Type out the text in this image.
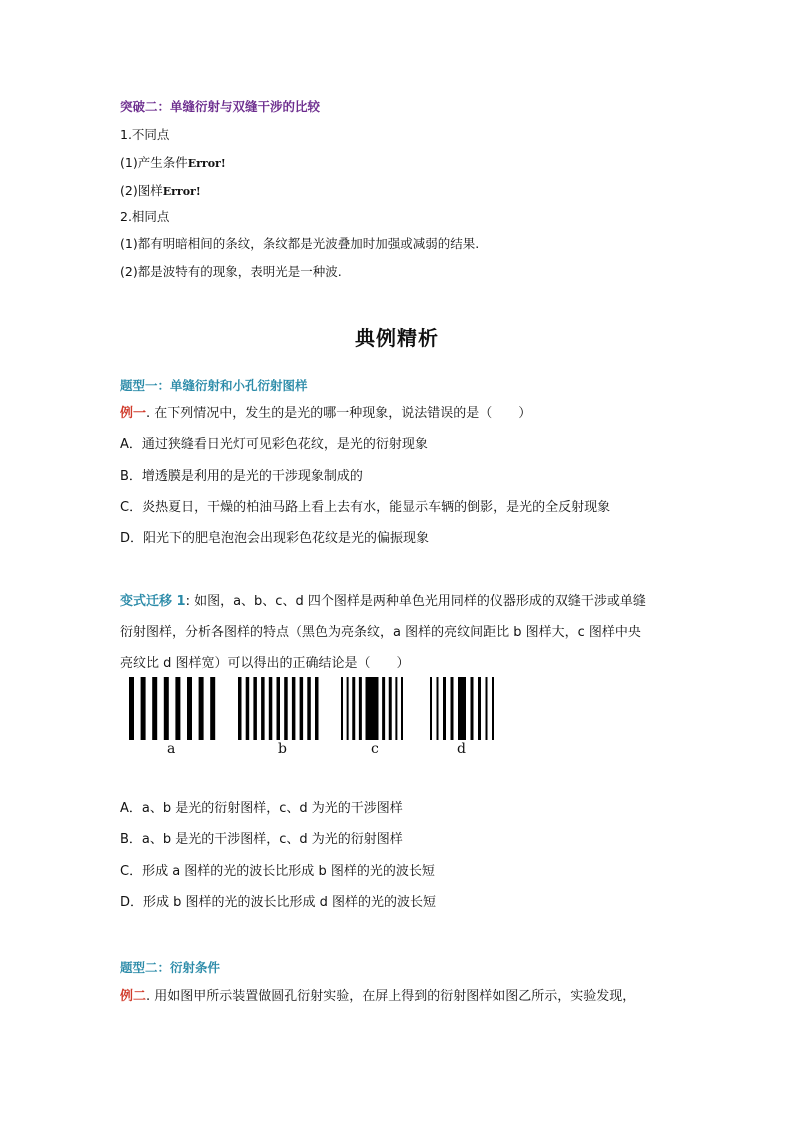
突破二：单缝衍射与双缝干涉的比较
1.不同点
(1)产生条件Error!
(2)图样Error!
2.相同点
(1)都有明暗相间的条纹，条纹都是光波叠加时加强或减弱的结果.
(2)都是波特有的现象，表明光是一种波.
典例精析
题型一：单缝衍射和小孔衍射图样
例一. 在下列情况中，发生的是光的哪一种现象，说法错误的是（　　）
A．通过狭缝看日光灯可见彩色花纹，是光的衍射现象
B．增透膜是利用的是光的干涉现象制成的
C．炎热夏日，干燥的柏油马路上看上去有水，能显示车辆的倒影，是光的全反射现象
D．阳光下的肥皂泡泡会出现彩色花纹是光的偏振现象
变式迁移 1: 如图，a、b、c、d 四个图样是两种单色光用同样的仪器形成的双缝干涉或单缝
衍射图样，分析各图样的特点（黑色为亮条纹，a 图样的亮纹间距比 b 图样大，c 图样中央
亮纹比 d 图样宽）可以得出的正确结论是（　　）
a	b	c	d
A．a、b 是光的衍射图样，c、d 为光的干涉图样
B．a、b 是光的干涉图样，c、d 为光的衍射图样
C．形成 a 图样的光的波长比形成 b 图样的光的波长短
D．形成 b 图样的光的波长比形成 d 图样的光的波长短
题型二：衍射条件
例二. 用如图甲所示装置做圆孔衍射实验，在屏上得到的衍射图样如图乙所示，实验发现，
